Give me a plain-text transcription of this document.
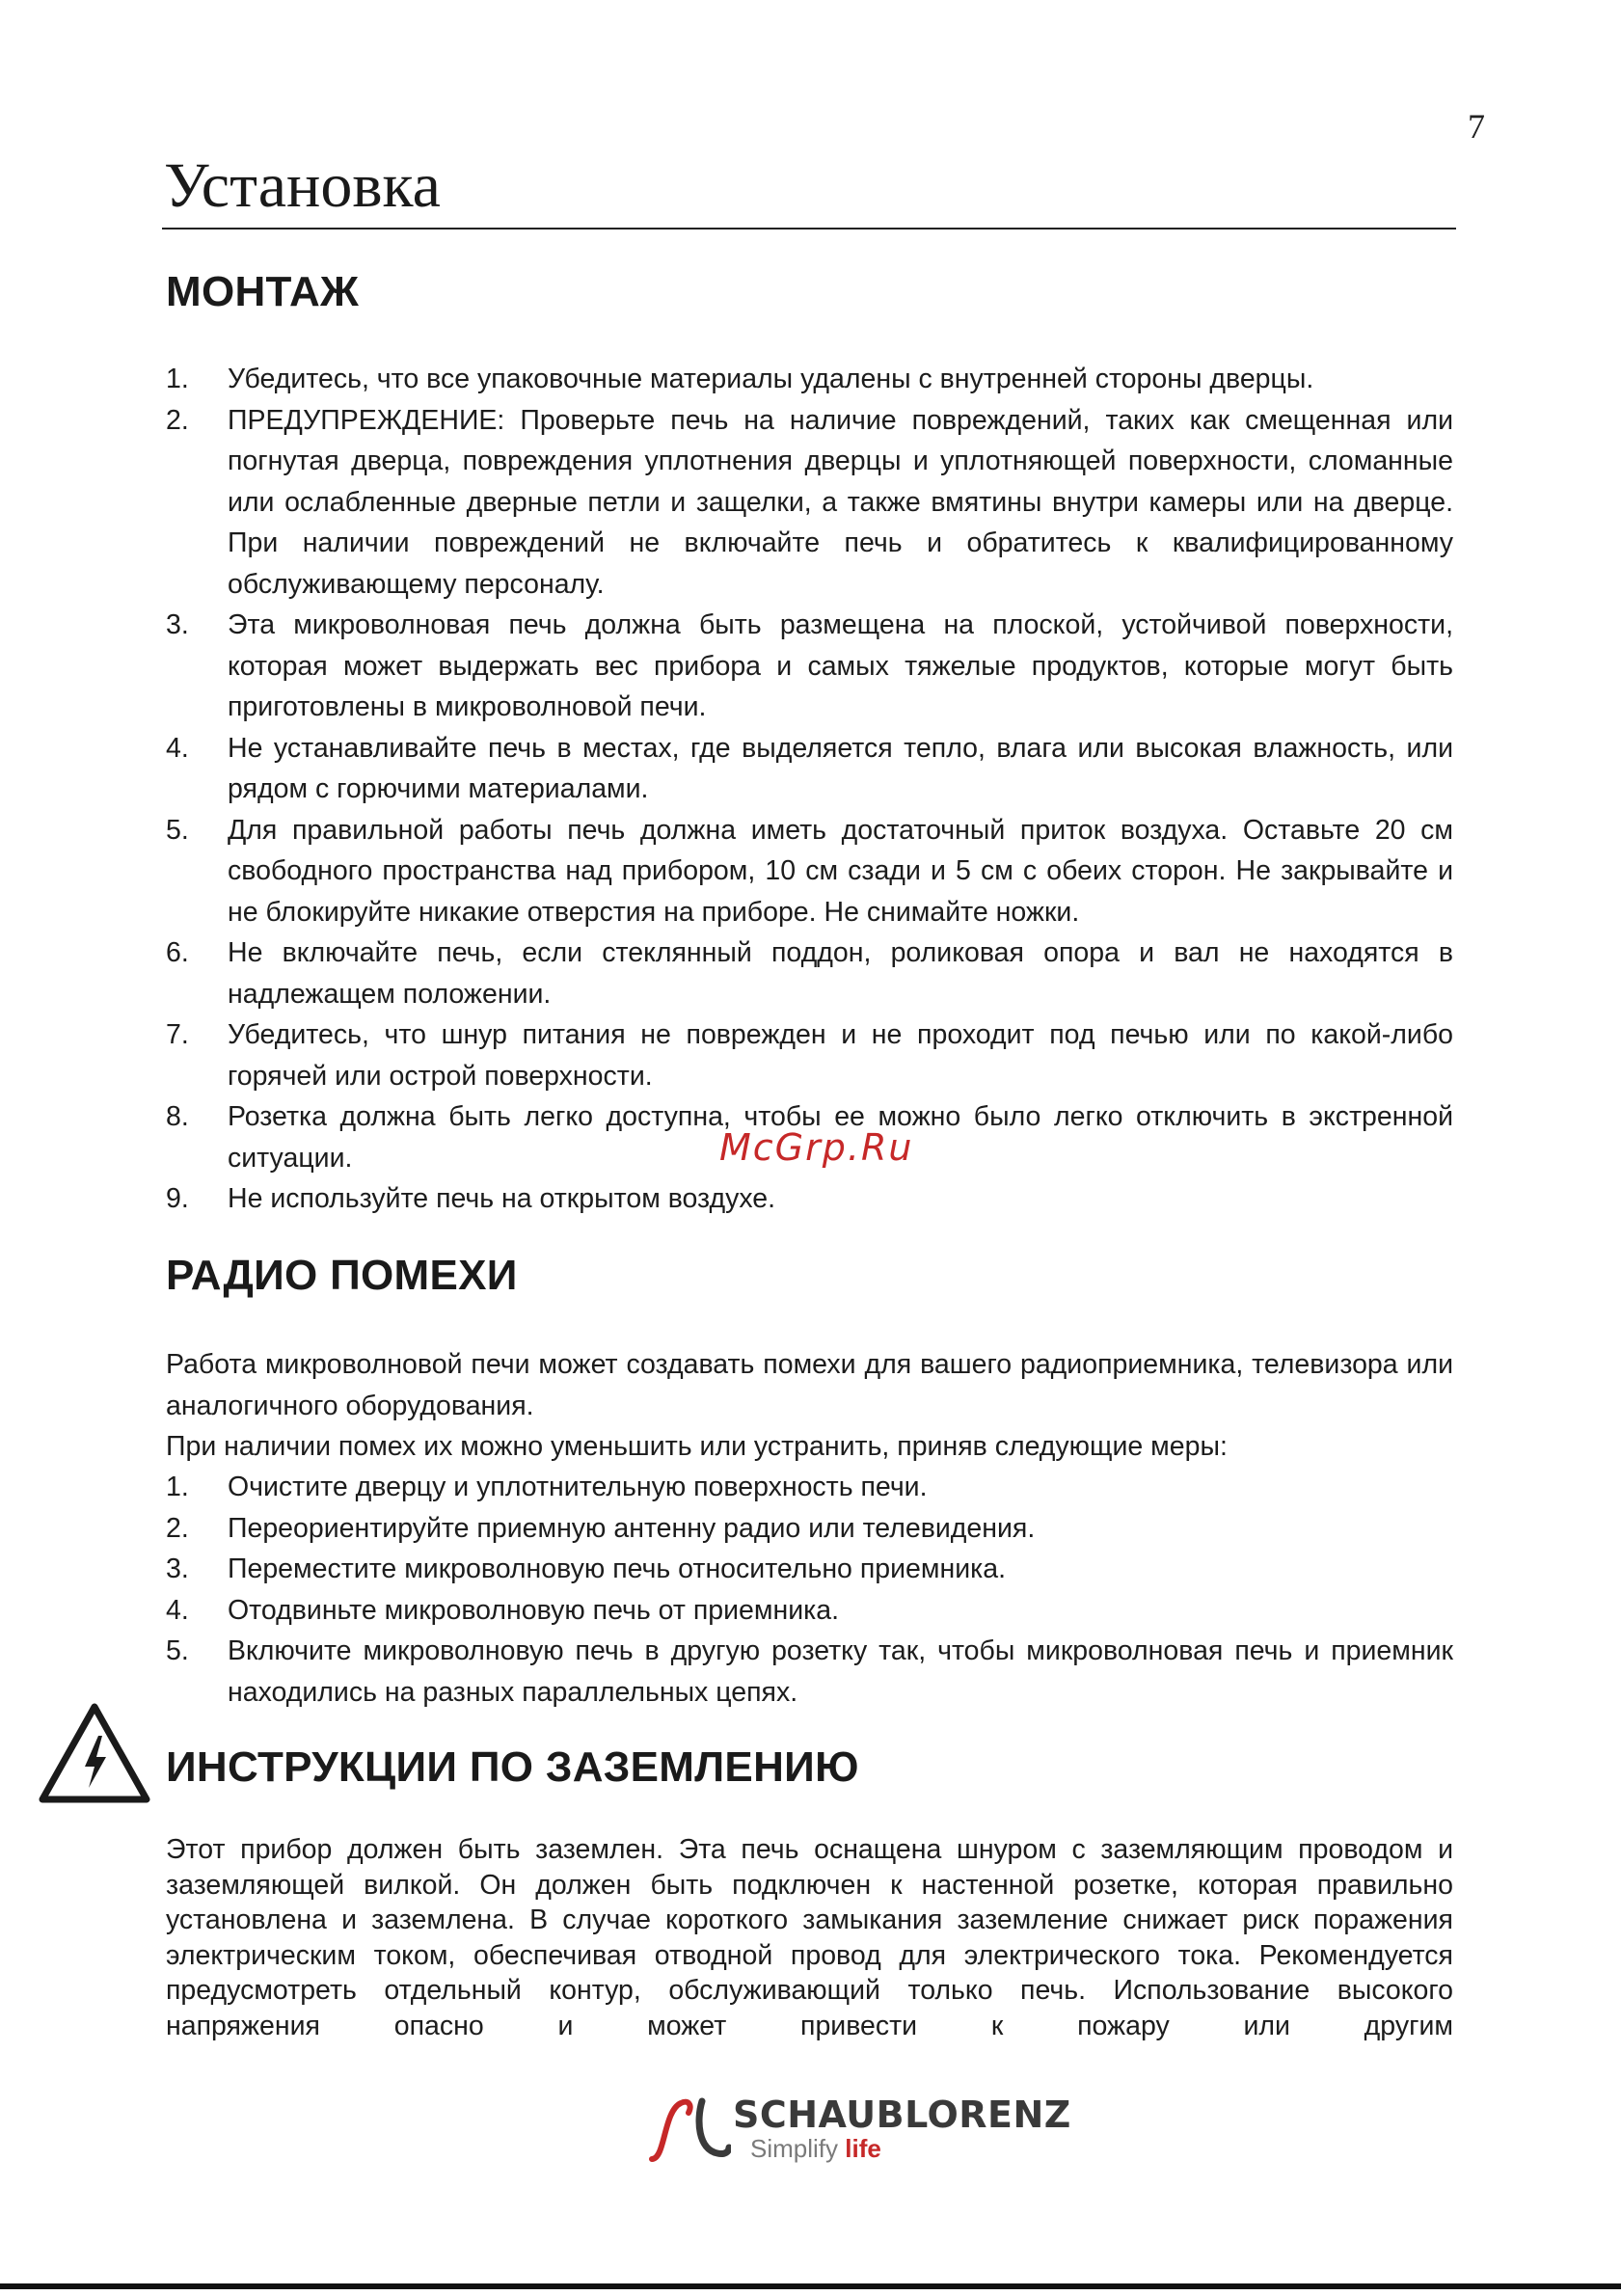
7
Установка
МОНТАЖ
1. Убедитесь, что все упаковочные материалы удалены с внутренней стороны дверцы.
2. ПРЕДУПРЕЖДЕНИЕ: Проверьте печь на наличие повреждений, таких как смещенная или погнутая дверца, повреждения уплотнения дверцы и уплотняющей поверхности, сломанные или ослабленные дверные петли и защелки, а также вмятины внутри камеры или на дверце. При наличии повреждений не включайте печь и обратитесь к квалифицированному обслуживающему персоналу.
3. Эта микроволновая печь должна быть размещена на плоской, устойчивой поверхности, которая может выдержать вес прибора и самых тяжелые продуктов, которые могут быть приготовлены в микроволновой печи.
4. Не устанавливайте печь в местах, где выделяется тепло, влага или высокая влажность, или рядом с горючими материалами.
5. Для правильной работы печь должна иметь достаточный приток воздуха. Оставьте 20 см свободного пространства над прибором, 10 см сзади и 5 см с обеих сторон. Не закрывайте и не блокируйте никакие отверстия на приборе. Не снимайте ножки.
6. Не включайте печь, если стеклянный поддон, роликовая опора и вал не находятся в надлежащем положении.
7. Убедитесь, что шнур питания не поврежден и не проходит под печью или по какой-либо горячей или острой поверхности.
8. Розетка должна быть легко доступна, чтобы ее можно было легко отключить в экстренной ситуации.
9. Не используйте печь на открытом воздухе.
McGrp.Ru
РАДИО ПОМЕХИ

Работа микроволновой печи может создавать помехи для вашего радиоприемника, телевизора или аналогичного оборудования.

При наличии помех их можно уменьшить или устранить, приняв следующие меры:

1. Очистите дверцу и уплотнительную поверхность печи.
2. Переориентируйте приемную антенну радио или телевидения.
3. Переместите микроволновую печь относительно приемника.
4. Отодвиньте микроволновую печь от приемника.
5. Включите микроволновую печь в другую розетку так, чтобы микроволновая печь и приемник находились на разных параллельных цепях.
ИНСТРУКЦИИ ПО ЗАЗЕМЛЕНИЮ

Этот прибор должен быть заземлен. Эта печь оснащена шнуром с заземляющим проводом и заземляющей вилкой. Он должен быть подключен к настенной розетке, которая правильно установлена и заземлена. В случае короткого замыкания заземление снижает риск поражения электрическим током, обеспечивая отводной провод для электрического тока. Рекомендуется предусмотреть отдельный контур, обслуживающий только печь. Использование высокого напряжения опасно и может привести к пожару или другим

SCHAUBLORENZ
Simplify life
